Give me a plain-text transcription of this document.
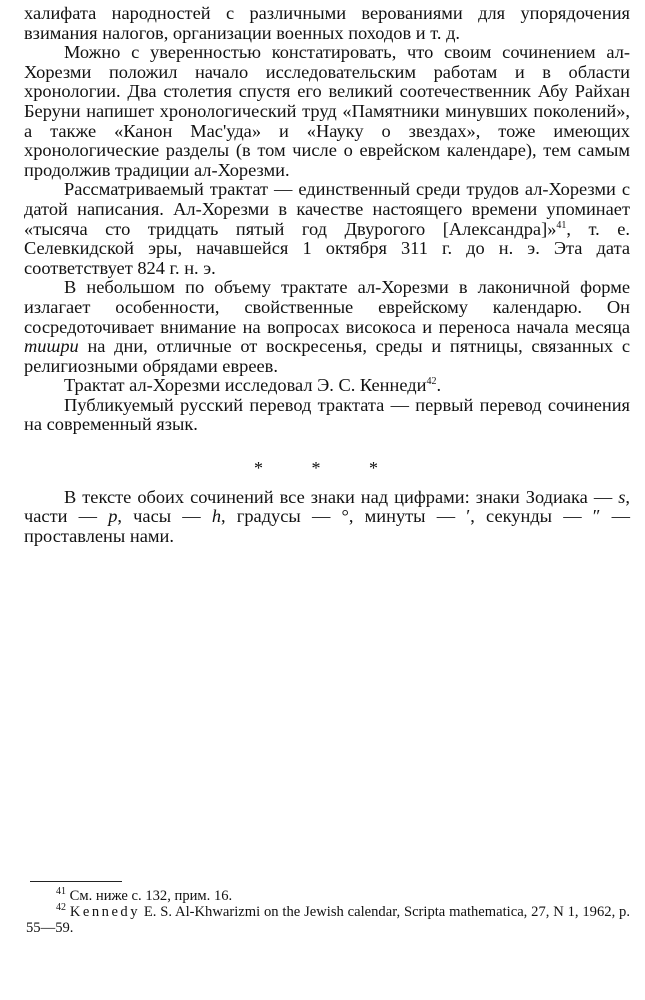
халифата народностей с различными верованиями для упорядочения взимания налогов, организации военных походов и т. д.

Можно с уверенностью констатировать, что своим сочинением ал-Хорезми положил начало исследовательским работам и в области хронологии. Два столетия спустя его великий соотечественник Абу Райхан Беруни напишет хронологический труд «Памятники минувших поколений», а также «Канон Мас'уда» и «Науку о звездах», тоже имеющих хронологические разделы (в том числе о еврейском календаре), тем самым продолжив традиции ал-Хорезми.

Рассматриваемый трактат — единственный среди трудов ал-Хорезми с датой написания. Ал-Хорезми в качестве настоящего времени упоминает «тысяча сто тридцать пятый год Двурогого [Александра]»$^{41}$, т. е. Селевкидской эры, начавшейся 1 октября 311 г. до н. э. Эта дата соответствует 824 г. н. э.

В небольшом по объему трактате ал-Хорезми в лаконичной форме излагает особенности, свойственные еврейскому календарю. Он сосредоточивает внимание на вопросах високоса и переноса начала месяца тишри на дни, отличные от воскресенья, среды и пятницы, связанных с религиозными обрядами евреев.

Трактат ал-Хорезми исследовал Э. С. Кеннеди$^{42}$.

Публикуемый русский перевод трактата — первый перевод сочинения на современный язык.

* * *

В тексте обоих сочинений все знаки над цифрами: знаки Зодиака — s, части — p, часы — h, градусы — °, минуты — ′, секунды — ″ — проставлены нами.

$^{41}$ См. ниже с. 132, прим. 16.

$^{42}$ Kennedy E. S. Al-Khwarizmi on the Jewish calendar, Scripta mathematica, 27, N 1, 1962, p. 55—59.
